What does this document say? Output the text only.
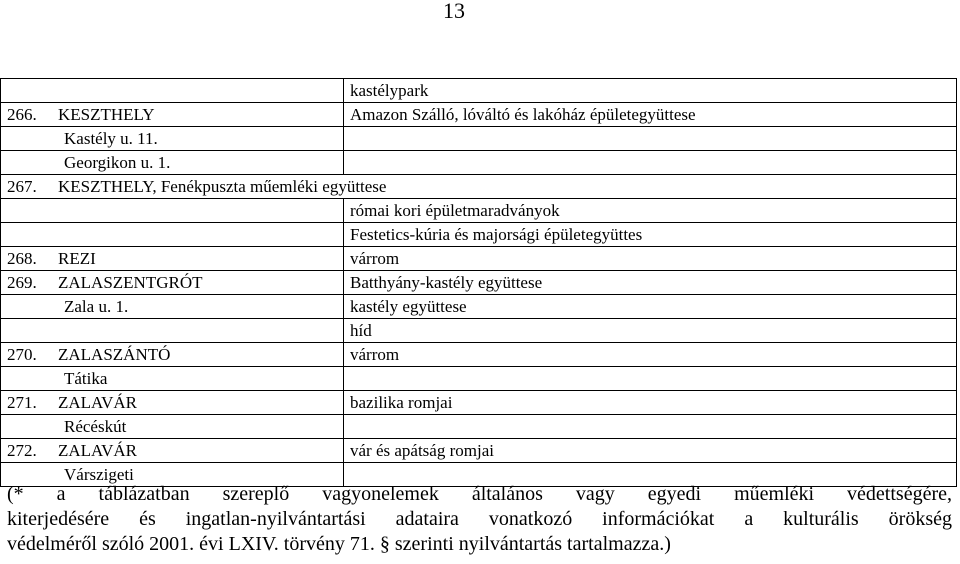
13
	kastélypark
266. KESZTHELY	Amazon Szálló, lóváltó és lakóház épületegyüttese

Kastély u. 11.	

Georgikon u. 1.	

267. KESZTHELY, Fenékpuszta műemléki együttese	
	római kori épületmaradványok
	Festetics-kúria és majorsági épületegyüttes
268. REZI	várrom
269. ZALASZENTGRÓT	Batthyány-kastély együttese

Zala u. 1.	kastély együttese
	híd
270. ZALASZÁNTÓ	várrom

Tátika	

271. ZALAVÁR	bazilika romjai

Récéskút	

272. ZALAVÁR	vár és apátság romjai

Várszigeti	

(* a táblázatban szereplő vagyonelemek általános vagy egyedi műemléki védettségére,
kiterjedésére és ingatlan-nyilvántartási adataira vonatkozó információkat a kulturális örökség
védelméről szóló 2001. évi LXIV. törvény 71. § szerinti nyilvántartás tartalmazza.)
